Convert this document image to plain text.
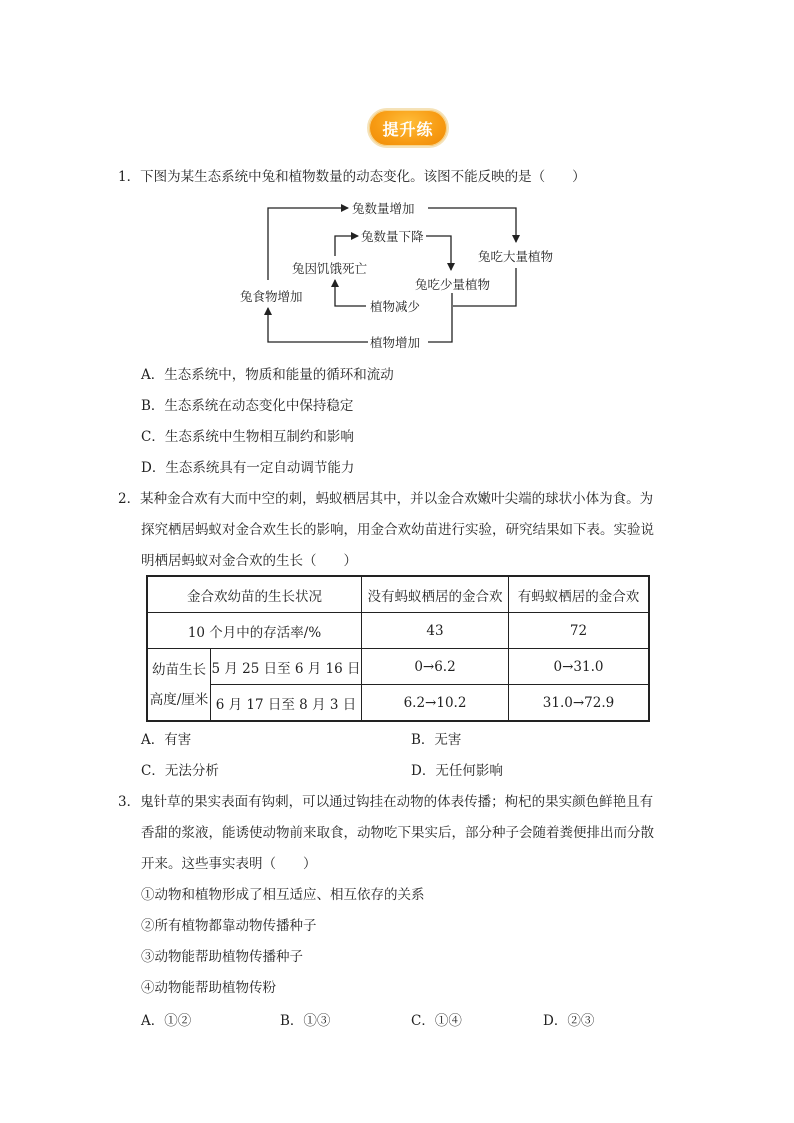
提升练
1．下图为某生态系统中兔和植物数量的动态变化。该图不能反映的是（　　）
兔数量增加
兔吃大量植物
兔数量下降
兔因饥饿死亡
兔吃少量植物
植物减少
兔食物增加
植物增加
A．生态系统中，物质和能量的循环和流动
B．生态系统在动态变化中保持稳定
C．生态系统中生物相互制约和影响
D．生态系统具有一定自动调节能力
2．某种金合欢有大而中空的刺，蚂蚁栖居其中，并以金合欢嫩叶尖端的球状小体为食。为
探究栖居蚂蚁对金合欢生长的影响，用金合欢幼苗进行实验，研究结果如下表。实验说
明栖居蚂蚁对金合欢的生长（　　）
金合欢幼苗的生长状况		没有蚂蚁栖居的金合欢	有蚂蚁栖居的金合欢
10 个月中的存活率/%		43	72
幼苗生长
高度/厘米	5 月 25 日至 6 月 16 日	0→6.2	0→31.0
	6 月 17 日至 8 月 3 日	6.2→10.2	31.0→72.9
A．有害	B．无害
C．无法分析	D．无任何影响
3．鬼针草的果实表面有钩刺，可以通过钩挂在动物的体表传播；枸杞的果实颜色鲜艳且有
香甜的浆液，能诱使动物前来取食，动物吃下果实后，部分种子会随着粪便排出而分散
开来。这些事实表明（　　）
①动物和植物形成了相互适应、相互依存的关系
②所有植物都靠动物传播种子
③动物能帮助植物传播种子
④动物能帮助植物传粉
A．①②	B．①③	C．①④	D．②③
